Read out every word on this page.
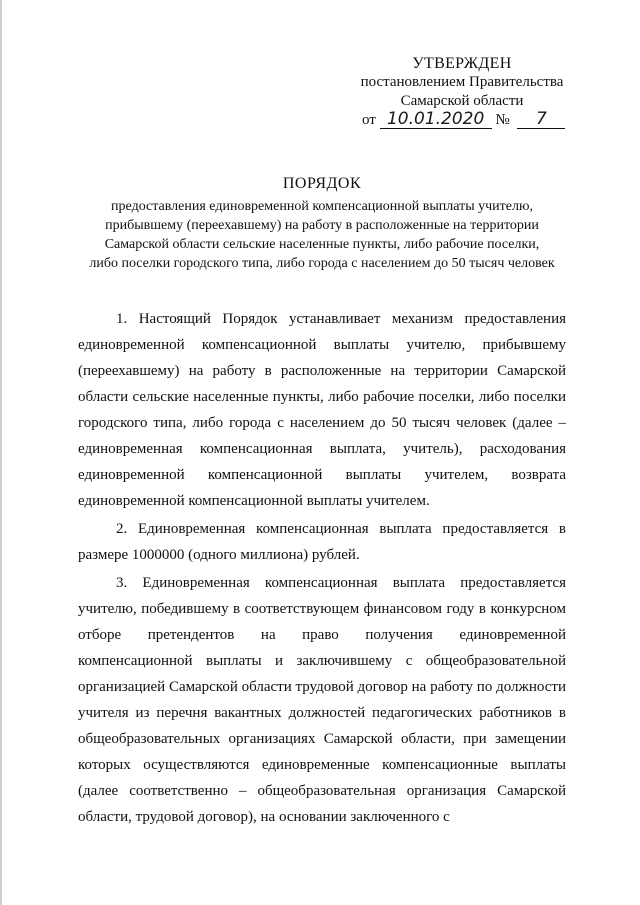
УТВЕРЖДЕН
постановлением Правительства
Самарской области
от 10.01.2020 № 7
ПОРЯДОК
предоставления единовременной компенсационной выплаты учителю,
прибывшему (переехавшему) на работу в расположенные на территории
Самарской области сельские населенные пункты, либо рабочие поселки,
либо поселки городского типа, либо города с населением до 50 тысяч человек

1. Настоящий Порядок устанавливает механизм предоставления единовременной компенсационной выплаты учителю, прибывшему (переехавшему) на работу в расположенные на территории Самарской области сельские населенные пункты, либо рабочие поселки, либо поселки городского типа, либо города с населением до 50 тысяч человек (далее – единовременная компенсационная выплата, учитель), расходования единовременной компенсационной выплаты учителем, возврата единовременной компенсационной выплаты учителем.

2. Единовременная компенсационная выплата предоставляется в размере 1000000 (одного миллиона) рублей.

3. Единовременная компенсационная выплата предоставляется учителю, победившему в соответствующем финансовом году в конкурсном отборе претендентов на право получения единовременной компенсационной выплаты и заключившему с общеобразовательной организацией Самарской области трудовой договор на работу по должности учителя из перечня вакантных должностей педагогических работников в общеобразовательных организациях Самарской области, при замещении которых осуществляются единовременные компенсационные выплаты (далее соответственно – общеобразовательная организация Самарской области, трудовой договор), на основании заключенного с
